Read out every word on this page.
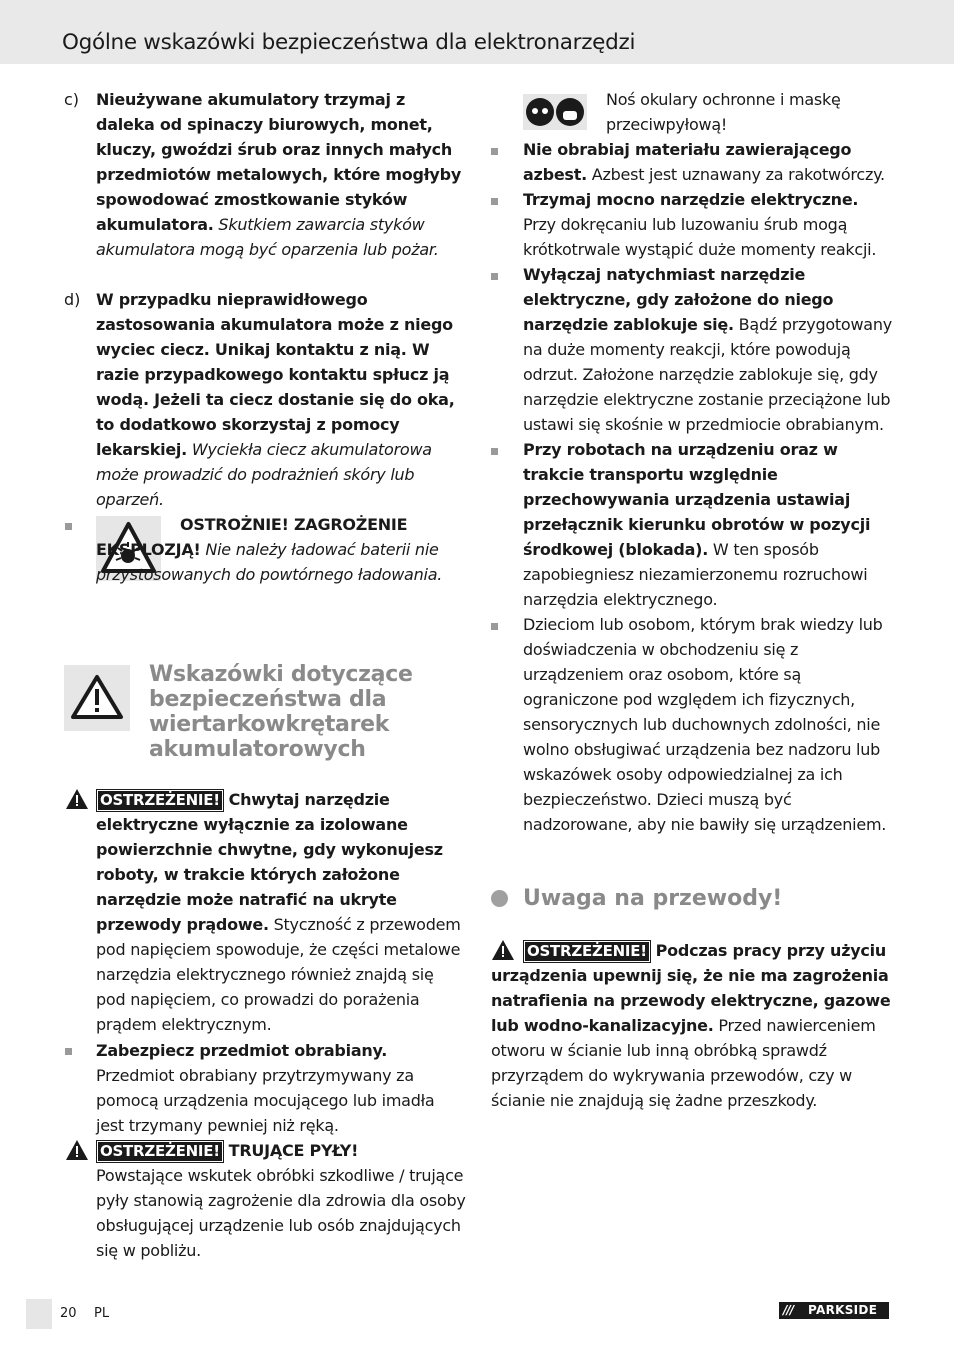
Ogólne wskazówki bezpieczeństwa dla elektronarzędzi
c) Nieużywane akumulatory trzymaj z daleka od spinaczy biurowych, monet, kluczy, gwoździ śrub oraz innych małych przedmiotów metalowych, które mogłyby spowodować zmostkowanie styków akumulatora. Skutkiem zawarcia styków akumulatora mogą być oparzenia lub pożar.

d) W przypadku nieprawidłowego zastosowania akumulatora może z niego wyciec ciecz. Unikaj kontaktu z nią. W razie przypadkowego kontaktu spłucz ją wodą. Jeżeli ta ciecz dostanie się do oka, to dodatkowo skorzystaj z pomocy lekarskiej. Wyciekła ciecz akumulatorowa może prowadzić do podrażnień skóry lub oparzeń.

OSTROŻNIE! ZAGROŻENIE EKSPLOZJĄ! Nie należy ładować baterii nie przystosowanych do powtórnego ładowania.

Wskazówki dotyczące bezpieczeństwa dla wiertarkowkrętarek akumulatorowych

OSTRZEŻENIE! Chwytaj narzędzie elektryczne wyłącznie za izolowane powierzchnie chwytne, gdy wykonujesz roboty, w trakcie których założone narzędzie może natrafić na ukryte przewody prądowe. Styczność z przewodem pod napięciem spowoduje, że części metalowe narzędzia elektrycznego również znajdą się pod napięciem, co prowadzi do porażenia prądem elektrycznym.

Zabezpiecz przedmiot obrabiany.
Przedmiot obrabiany przytrzymywany za pomocą urządzenia mocującego lub imadła jest trzymany pewniej niż ręką.

OSTRZEŻENIE! TRUJĄCE PYŁY!
Powstające wskutek obróbki szkodliwe / trujące pyły stanowią zagrożenie dla zdrowia dla osoby obsługującej urządzenie lub osób znajdujących się w pobliżu.

Noś okulary ochronne i maskę przeciwpyłową!

Nie obrabiaj materiału zawierającego azbest. Azbest jest uznawany za rakotwórczy.

Trzymaj mocno narzędzie elektryczne.
Przy dokręcaniu lub luzowaniu śrub mogą krótkotrwale wystąpić duże momenty reakcji.

Wyłączaj natychmiast narzędzie elektryczne, gdy założone do niego narzędzie zablokuje się. Bądź przygotowany na duże momenty reakcji, które powodują odrzut. Założone narzędzie zablokuje się, gdy narzędzie elektryczne zostanie przeciążone lub ustawi się skośnie w przedmiocie obrabianym.

Przy robotach na urządzeniu oraz w trakcie transportu względnie przechowywania urządzenia ustawiaj przełącznik kierunku obrotów w pozycji środkowej (blokada). W ten sposób zapobiegniesz niezamierzonemu rozruchowi narzędzia elektrycznego.

Dzieciom lub osobom, którym brak wiedzy lub doświadczenia w obchodzeniu się z urządzeniem oraz osobom, które są ograniczone pod względem ich fizycznych, sensorycznych lub duchownych zdolności, nie wolno obsługiwać urządzenia bez nadzoru lub wskazówek osoby odpowiedzialnej za ich bezpieczeństwo. Dzieci muszą być nadzorowane, aby nie bawiły się urządzeniem.

Uwaga na przewody!

OSTRZEŻENIE! Podczas pracy przy użyciu urządzenia upewnij się, że nie ma zagrożenia natrafienia na przewody elektryczne, gazowe lub wodno-kanalizacyjne. Przed nawierceniem otworu w ścianie lub inną obróbką sprawdź przyrządem do wykrywania przewodów, czy w ścianie nie znajdują się żadne przeszkody.

20 PL	/// PARKSIDE
